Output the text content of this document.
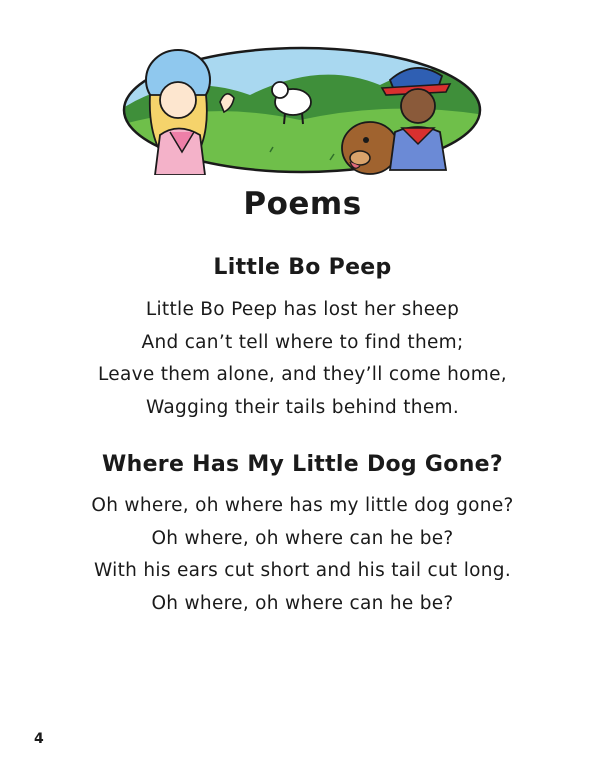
Poems
Little Bo Peep
Little Bo Peep has lost her sheep
And can’t tell where to find them;
Leave them alone, and they’ll come home,
Wagging their tails behind them.
Where Has My Little Dog Gone?
Oh where, oh where has my little dog gone?
Oh where, oh where can he be?
With his ears cut short and his tail cut long.
Oh where, oh where can he be?
4
